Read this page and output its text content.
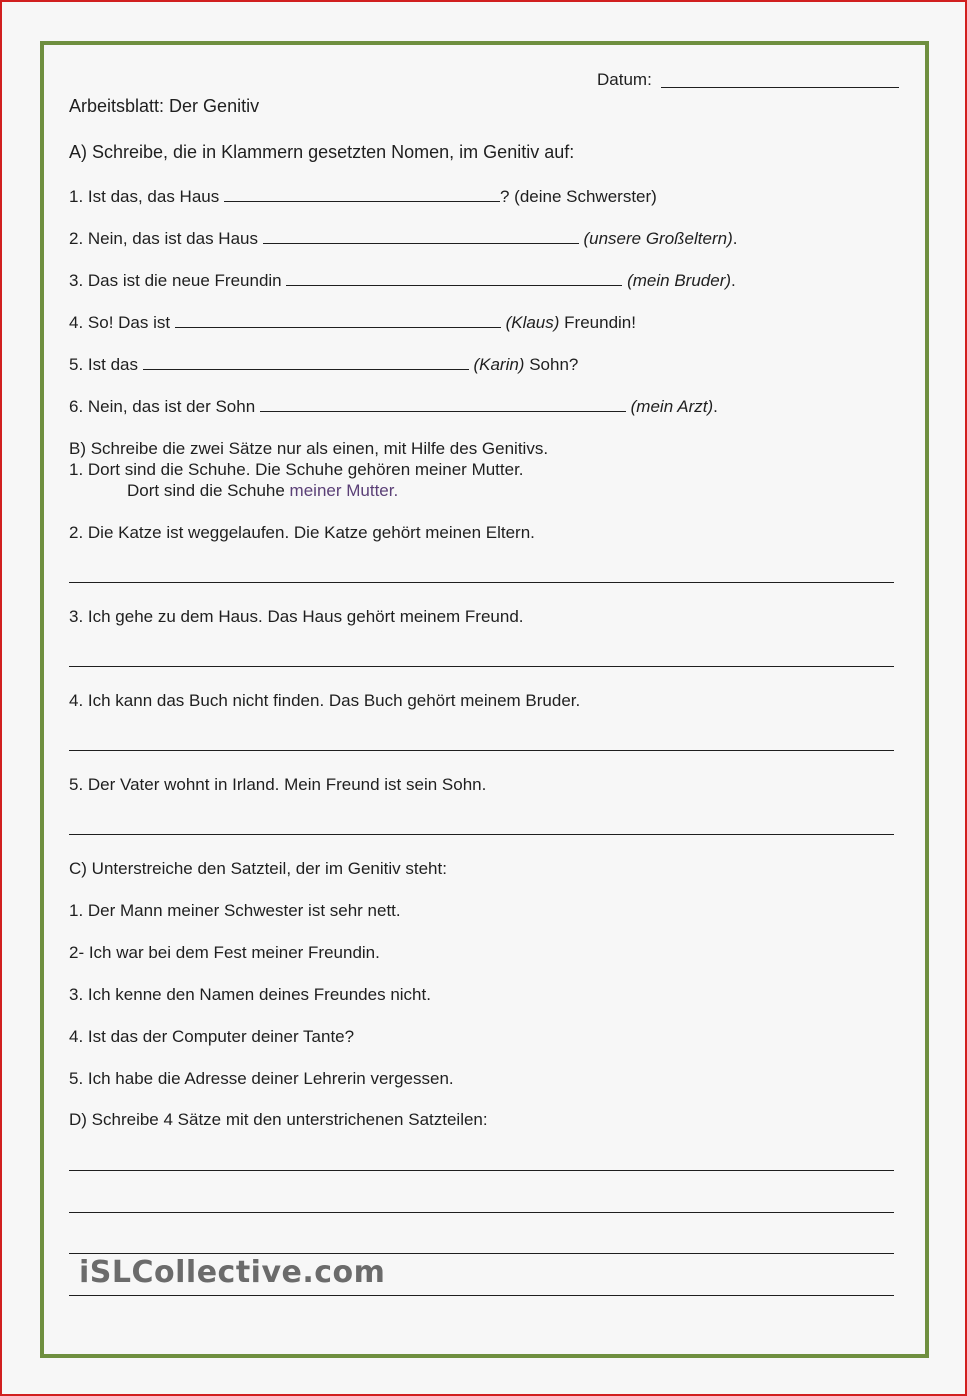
Datum:
Arbeitsblatt: Der Genitiv
A) Schreibe, die in Klammern gesetzten Nomen, im Genitiv auf:
1. Ist das, das Haus	? (deine Schwerster)
2. Nein, das ist das Haus	(unsere Großeltern).
3. Das ist die neue Freundin	(mein Bruder).
4. So! Das ist	(Klaus) Freundin!
5. Ist das	(Karin) Sohn?
6. Nein, das ist der Sohn	(mein Arzt).
B) Schreibe die zwei Sätze nur als einen, mit Hilfe des Genitivs.
1. Dort sind die Schuhe. Die Schuhe gehören meiner Mutter.
Dort sind die Schuhe meiner Mutter.
2. Die Katze ist weggelaufen. Die Katze gehört meinen Eltern.
3. Ich gehe zu dem Haus. Das Haus gehört meinem Freund.
4. Ich kann das Buch nicht finden. Das Buch gehört meinem Bruder.
5. Der Vater wohnt in Irland. Mein Freund ist sein Sohn.
C) Unterstreiche den Satzteil, der im Genitiv steht:
1. Der Mann meiner Schwester ist sehr nett.
2- Ich war bei dem Fest meiner Freundin.
3. Ich kenne den Namen deines Freundes nicht.
4. Ist das der Computer deiner Tante?
5. Ich habe die Adresse deiner Lehrerin vergessen.
D) Schreibe 4 Sätze mit den unterstrichenen Satzteilen:
iSLCollective.com
